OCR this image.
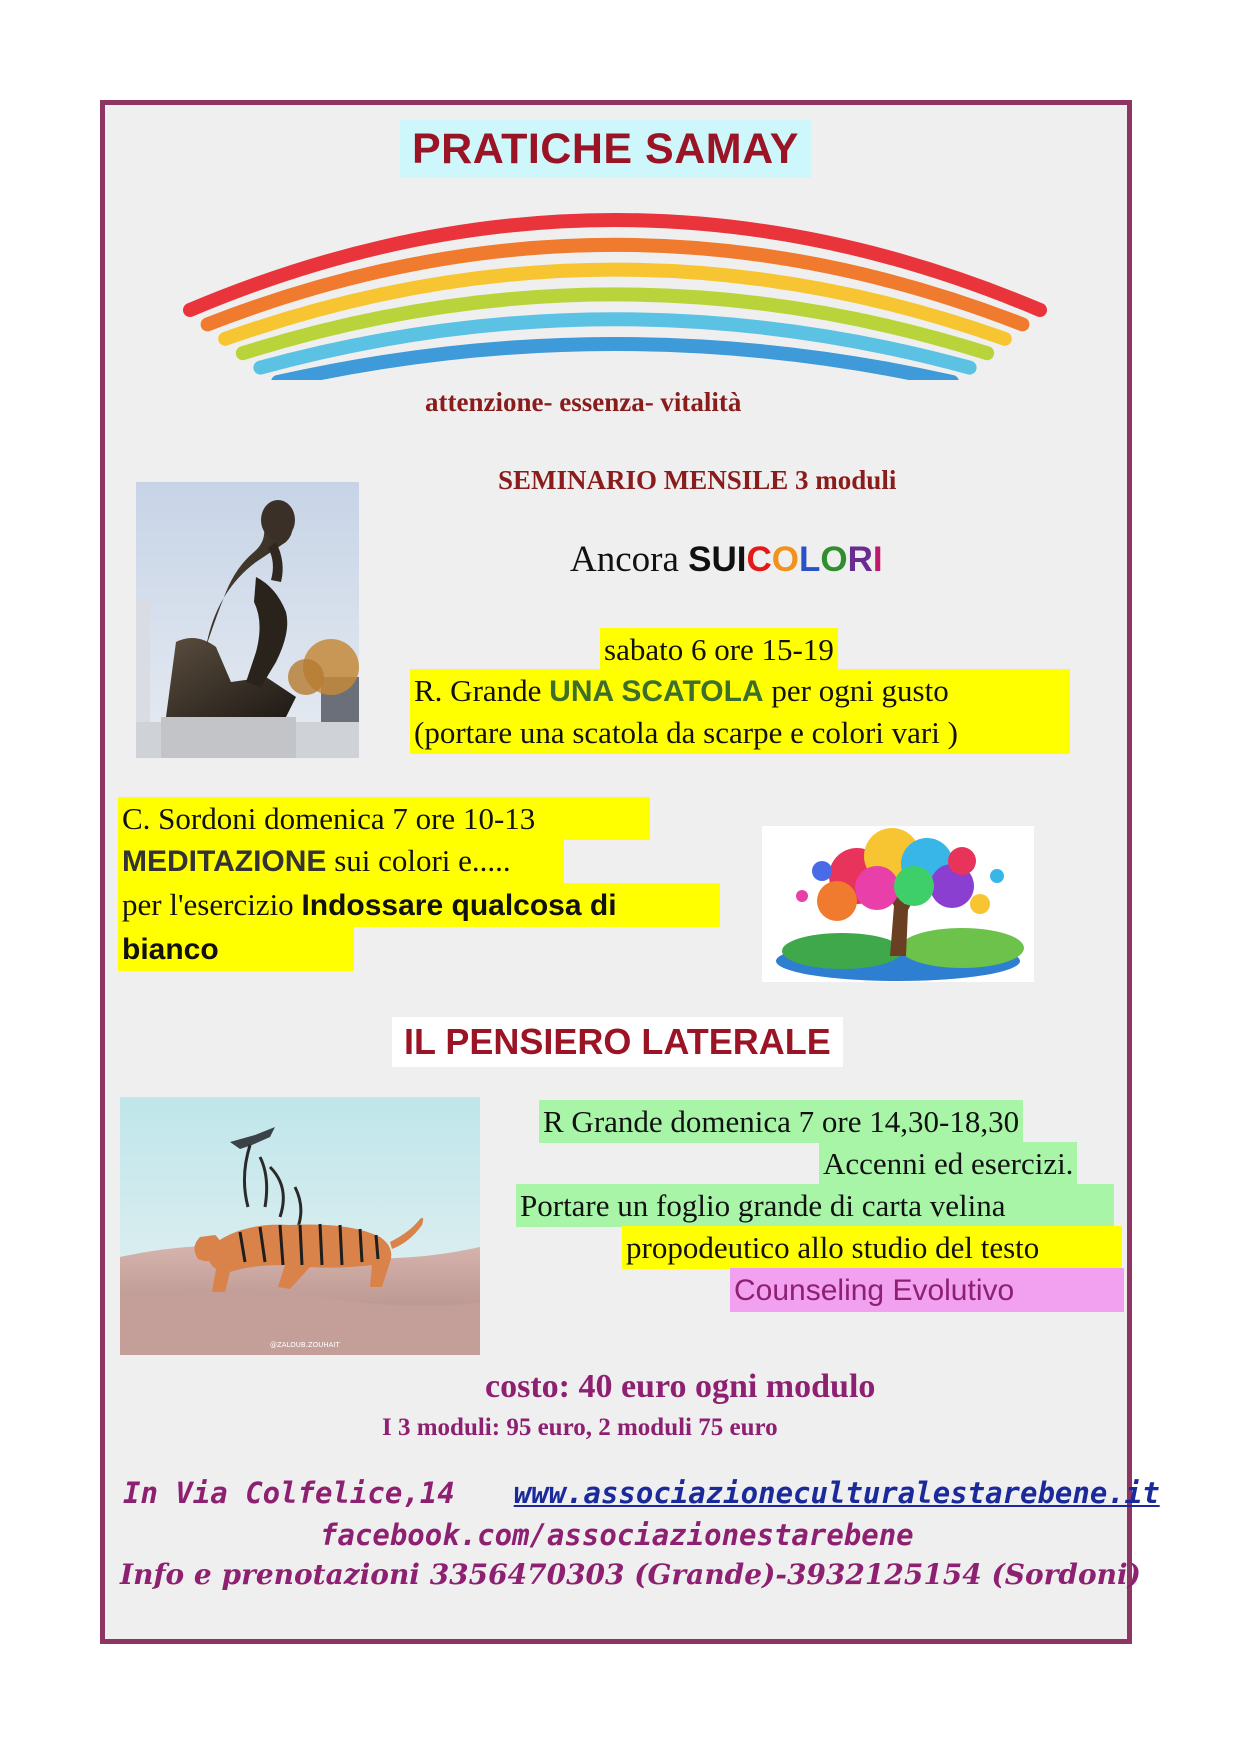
PRATICHE SAMAY
attenzione- essenza- vitalità
SEMINARIO MENSILE 3 moduli
Ancora SUICOLORI
sabato 6 ore 15-19
R. Grande UNA SCATOLA per ogni gusto
(portare una scatola da scarpe e colori vari )
C. Sordoni domenica 7 ore 10-13
MEDITAZIONE sui colori e.....
per l'esercizio Indossare qualcosa di
bianco
IL PENSIERO LATERALE
@ZALOUB.ZOUHAIT
R Grande domenica 7 ore 14,30-18,30
Accenni ed esercizi.
Portare un foglio grande di carta velina
propodeutico allo studio del testo
Counseling Evolutivo
costo: 40 euro ogni modulo
I 3 moduli: 95 euro, 2 moduli 75 euro
In Via Colfelice,14 www.associazioneculturalestarebene.it
facebook.com/associazionestarebene
Info e prenotazioni 3356470303 (Grande)-3932125154 (Sordoni)
